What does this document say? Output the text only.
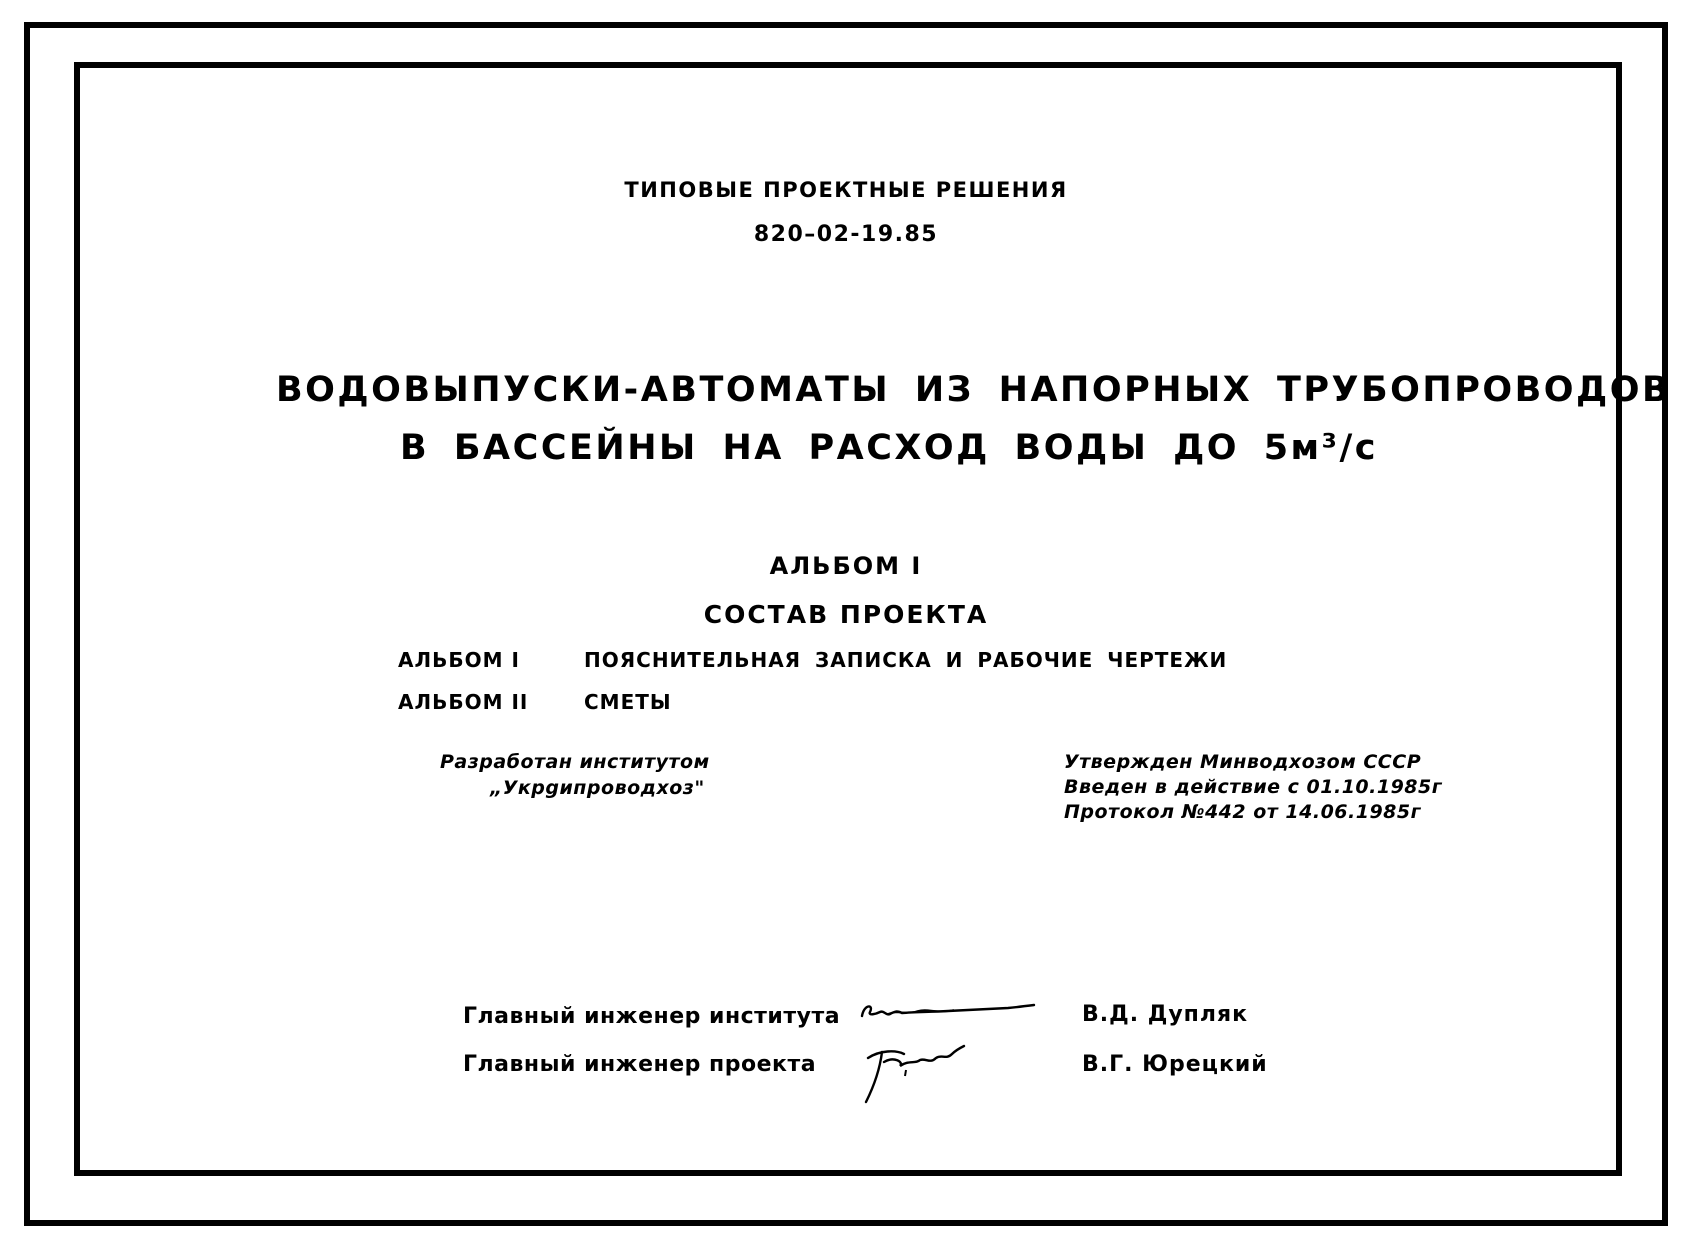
ТИПОВЫЕ ПРОЕКТНЫЕ РЕШЕНИЯ
820–02-19.85
ВОДОВЫПУСКИ-АВТОМАТЫ ИЗ НАПОРНЫХ ТРУБОПРОВОДОВ
В БАССЕЙНЫ НА РАСХОД ВОДЫ ДО 5м³/с
АЛЬБОМ I
СОСТАВ ПРОЕКТА
АЛЬБОМ I	ПОЯСНИТЕЛЬНАЯ ЗАПИСКА И РАБОЧИЕ ЧЕРТЕЖИ
АЛЬБОМ II	СМЕТЫ
Разработан институтом
„Укрgипроводхоз"
Утвержден Минводхозом СССР
Введен в действие с 01.10.1985г
Протокол №442 от 14.06.1985г
Главный инженер института	В.Д. Дупляк
Главный инженер проекта	В.Г. Юрецкий
